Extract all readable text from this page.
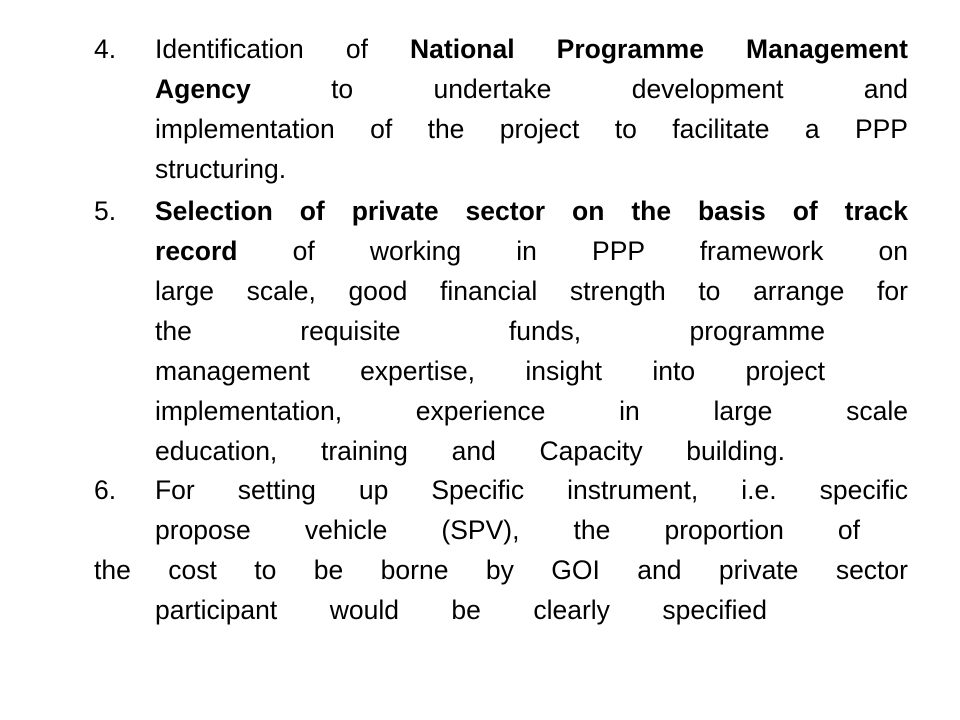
4. Identification of National Programme Management
Agency to undertake development and
implementation of the project to facilitate a PPP
structuring.
5. Selection of private sector on the basis of track
record of working in PPP framework on
large scale, good financial strength to arrange for
the requisite funds, programme
management expertise, insight into project
implementation, experience in large scale
education, training and Capacity building.
6. For setting up Specific instrument, i.e. specific
propose vehicle (SPV), the proportion of
the cost to be borne by GOI and private sector
participant would be clearly specified
